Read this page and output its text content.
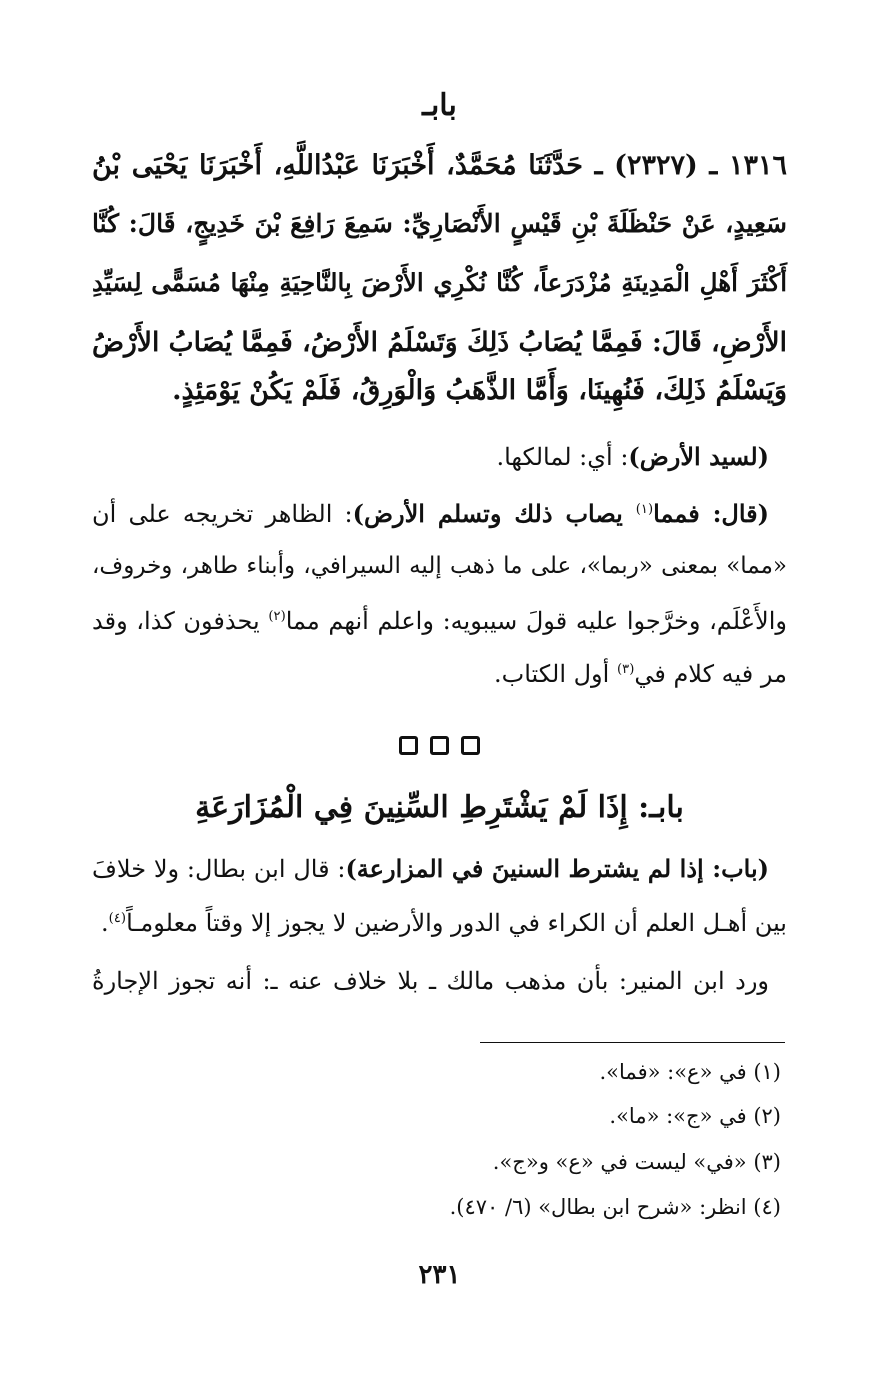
بابـ
١٣١٦ ـ (٢٣٢٧) ـ حَدَّثَنَا مُحَمَّدٌ، أَخْبَرَنَا عَبْدُاللَّهِ، أَخْبَرَنَا يَحْيَى بْنُ
سَعِيدٍ، عَنْ حَنْظَلَةَ بْنِ قَيْسٍ الأَنْصَارِيِّ: سَمِعَ رَافِعَ بْنَ خَدِيجٍ، قَالَ: كُنَّا
أَكْثَرَ أَهْلِ الْمَدِينَةِ مُزْدَرَعاً، كُنَّا نُكْرِي الأَرْضَ بِالنَّاحِيَةِ مِنْهَا مُسَمًّى لِسَيِّدِ
الأَرْضِ، قَالَ: فَمِمَّا يُصَابُ ذَلِكَ وَتَسْلَمُ الأَرْضُ، فَمِمَّا يُصَابُ الأَرْضُ
وَيَسْلَمُ ذَلِكَ، فَنُهِينَا، وَأَمَّا الذَّهَبُ وَالْوَرِقُ، فَلَمْ يَكُنْ يَوْمَئِذٍ.
(لسيد الأرض): أي: لمالكها.
(قال: فمما$^{(١)}$ يصاب ذلك وتسلم الأرض): الظاهر تخريجه على أن
«مما» بمعنى «ربما»، على ما ذهب إليه السيرافي، وأبناء طاهر، وخروف،
والأَعْلَم، وخرَّجوا عليه قولَ سيبويه: واعلم أنهم مما$^{(٢)}$ يحذفون كذا، وقد
مر فيه كلام في$^{(٣)}$ أول الكتاب.
بابـ: إِذَا لَمْ يَشْتَرِطِ السِّنِينَ فِي الْمُزَارَعَةِ
(باب: إذا لم يشترط السنينَ في المزارعة): قال ابن بطال: ولا خلافَ
بين أهـل العلم أن الكراء في الدور والأرضين لا يجوز إلا وقتاً معلومـاً$^{(٤)}$.
ورد ابن المنير: بأن مذهب مالك ـ بلا خلاف عنه ـ: أنه تجوز الإجارةُ
(١) في «ع»: «فما».
(٢) في «ج»: «ما».
(٣) «في» ليست في «ع» و«ج».
(٤) انظر: «شرح ابن بطال» (٦/ ٤٧٠).
٢٣١
